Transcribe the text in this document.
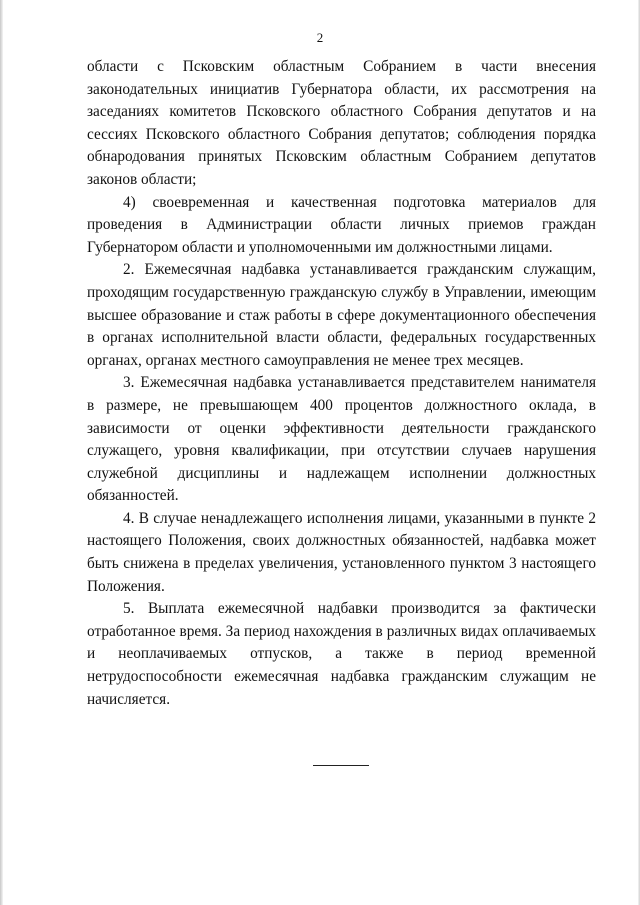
2

области с Псковским областным Собранием в части внесения законодательных инициатив Губернатора области, их рассмотрения на заседаниях комитетов Псковского областного Собрания депутатов и на сессиях Псковского областного Собрания депутатов; соблюдения порядка обнародования принятых Псковским областным Собранием депутатов законов области;

4) своевременная и качественная подготовка материалов для проведения в Администрации области личных приемов граждан Губернатором области и уполномоченными им должностными лицами.

2. Ежемесячная надбавка устанавливается гражданским служащим, проходящим государственную гражданскую службу в Управлении, имеющим высшее образование и стаж работы в сфере документационного обеспечения в органах исполнительной власти области, федеральных государственных органах, органах местного самоуправления не менее трех месяцев.

3. Ежемесячная надбавка устанавливается представителем нанимателя в размере, не превышающем 400 процентов должностного оклада, в зависимости от оценки эффективности деятельности гражданского служащего, уровня квалификации, при отсутствии случаев нарушения служебной дисциплины и надлежащем исполнении должностных обязанностей.

4. В случае ненадлежащего исполнения лицами, указанными в пункте 2 настоящего Положения, своих должностных обязанностей, надбавка может быть снижена в пределах увеличения, установленного пунктом 3 настоящего Положения.

5. Выплата ежемесячной надбавки производится за фактически отработанное время. За период нахождения в различных видах оплачиваемых и неоплачиваемых отпусков, а также в период временной нетрудоспособности ежемесячная надбавка гражданским служащим не начисляется.
